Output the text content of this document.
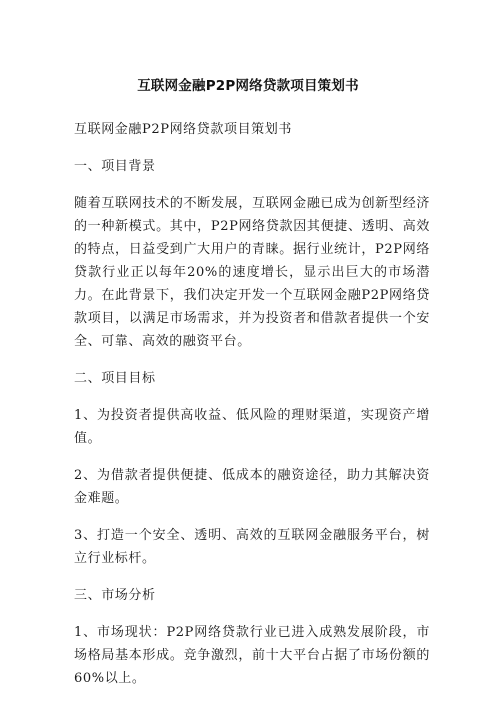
互联网金融P2P网络贷款项目策划书

互联网金融P2P网络贷款项目策划书

一、项目背景

随着互联网技术的不断发展，互联网金融已成为创新型经济的一种新模式。其中，P2P网络贷款因其便捷、透明、高效的特点，日益受到广大用户的青睐。据行业统计，P2P网络贷款行业正以每年20%的速度增长，显示出巨大的市场潜力。在此背景下，我们决定开发一个互联网金融P2P网络贷款项目，以满足市场需求，并为投资者和借款者提供一个安全、可靠、高效的融资平台。

二、项目目标

1、为投资者提供高收益、低风险的理财渠道，实现资产增值。

2、为借款者提供便捷、低成本的融资途径，助力其解决资金难题。

3、打造一个安全、透明、高效的互联网金融服务平台，树立行业标杆。

三、市场分析

1、市场现状：P2P网络贷款行业已进入成熟发展阶段，市场格局基本形成。竞争激烈，前十大平台占据了市场份额的60%以上。
